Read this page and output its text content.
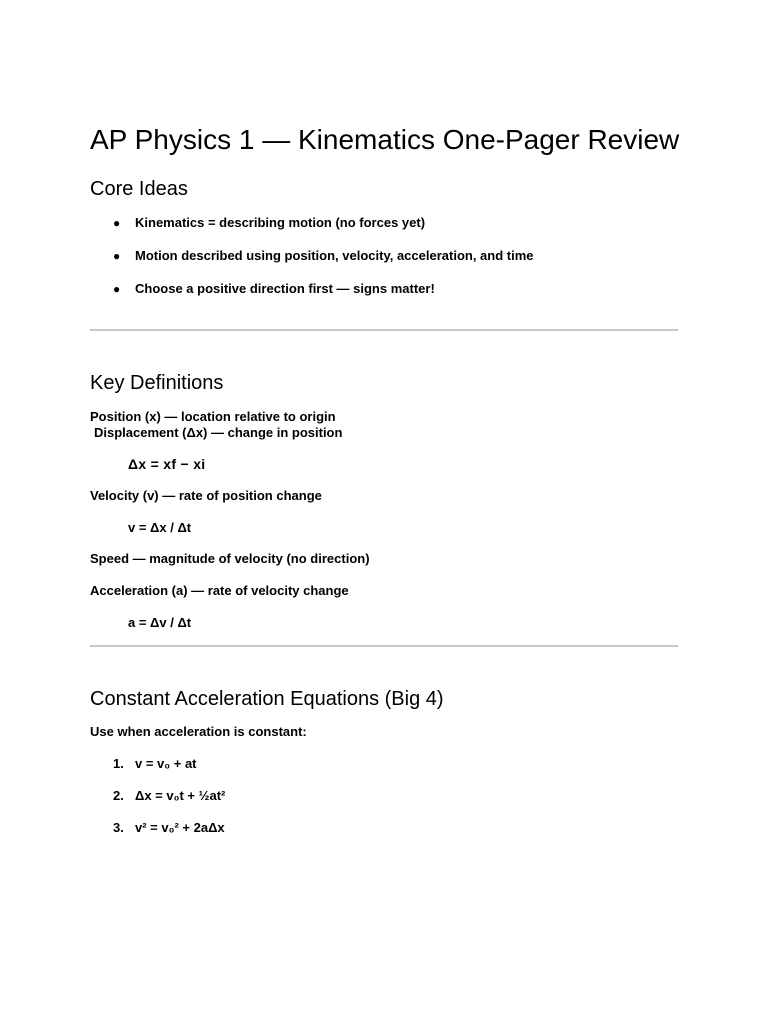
AP Physics 1 — Kinematics One-Pager Review
Core Ideas
● Kinematics = describing motion (no forces yet)
● Motion described using position, velocity, acceleration, and time
● Choose a positive direction first — signs matter!
Key Definitions
Position (x) — location relative to origin
Displacement (Δx) — change in position
Δx = xf − xi
Velocity (v) — rate of position change
v = Δx / Δt
Speed — magnitude of velocity (no direction)
Acceleration (a) — rate of velocity change
a = Δv / Δt
Constant Acceleration Equations (Big 4)
Use when acceleration is constant:
1. v = v₀ + at
2. Δx = v₀t + ½at²
3. v² = v₀² + 2aΔx
